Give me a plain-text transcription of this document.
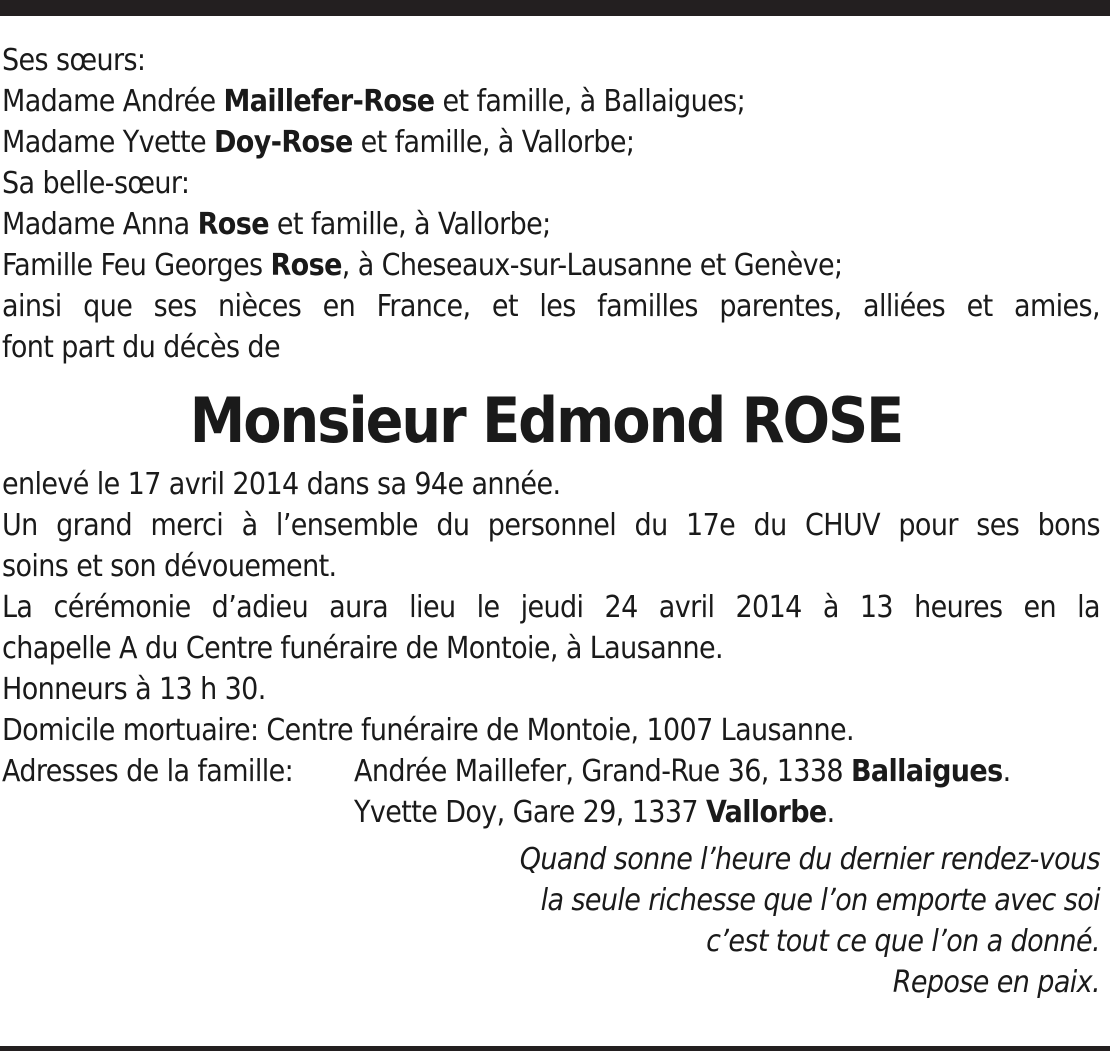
Ses sœurs:
Madame Andrée Maillefer-Rose et famille, à Ballaigues;
Madame Yvette Doy-Rose et famille, à Vallorbe;
Sa belle-sœur:
Madame Anna Rose et famille, à Vallorbe;
Famille Feu Georges Rose, à Cheseaux-sur-Lausanne et Genève;
ainsi que ses nièces en France, et les familles parentes, alliées et amies,
font part du décès de
Monsieur Edmond ROSE
enlevé le 17 avril 2014 dans sa 94e année.
Un grand merci à l’ensemble du personnel du 17e du CHUV pour ses bons
soins et son dévouement.
La cérémonie d’adieu aura lieu le jeudi 24 avril 2014 à 13 heures en la
chapelle A du Centre funéraire de Montoie, à Lausanne.
Honneurs à 13 h 30.
Domicile mortuaire: Centre funéraire de Montoie, 1007 Lausanne.
Adresses de la famille:	Andrée Maillefer, Grand-Rue 36, 1338 Ballaigues.
Yvette Doy, Gare 29, 1337 Vallorbe.
Quand sonne l’heure du dernier rendez-vous
la seule richesse que l’on emporte avec soi
c’est tout ce que l’on a donné.
Repose en paix.
